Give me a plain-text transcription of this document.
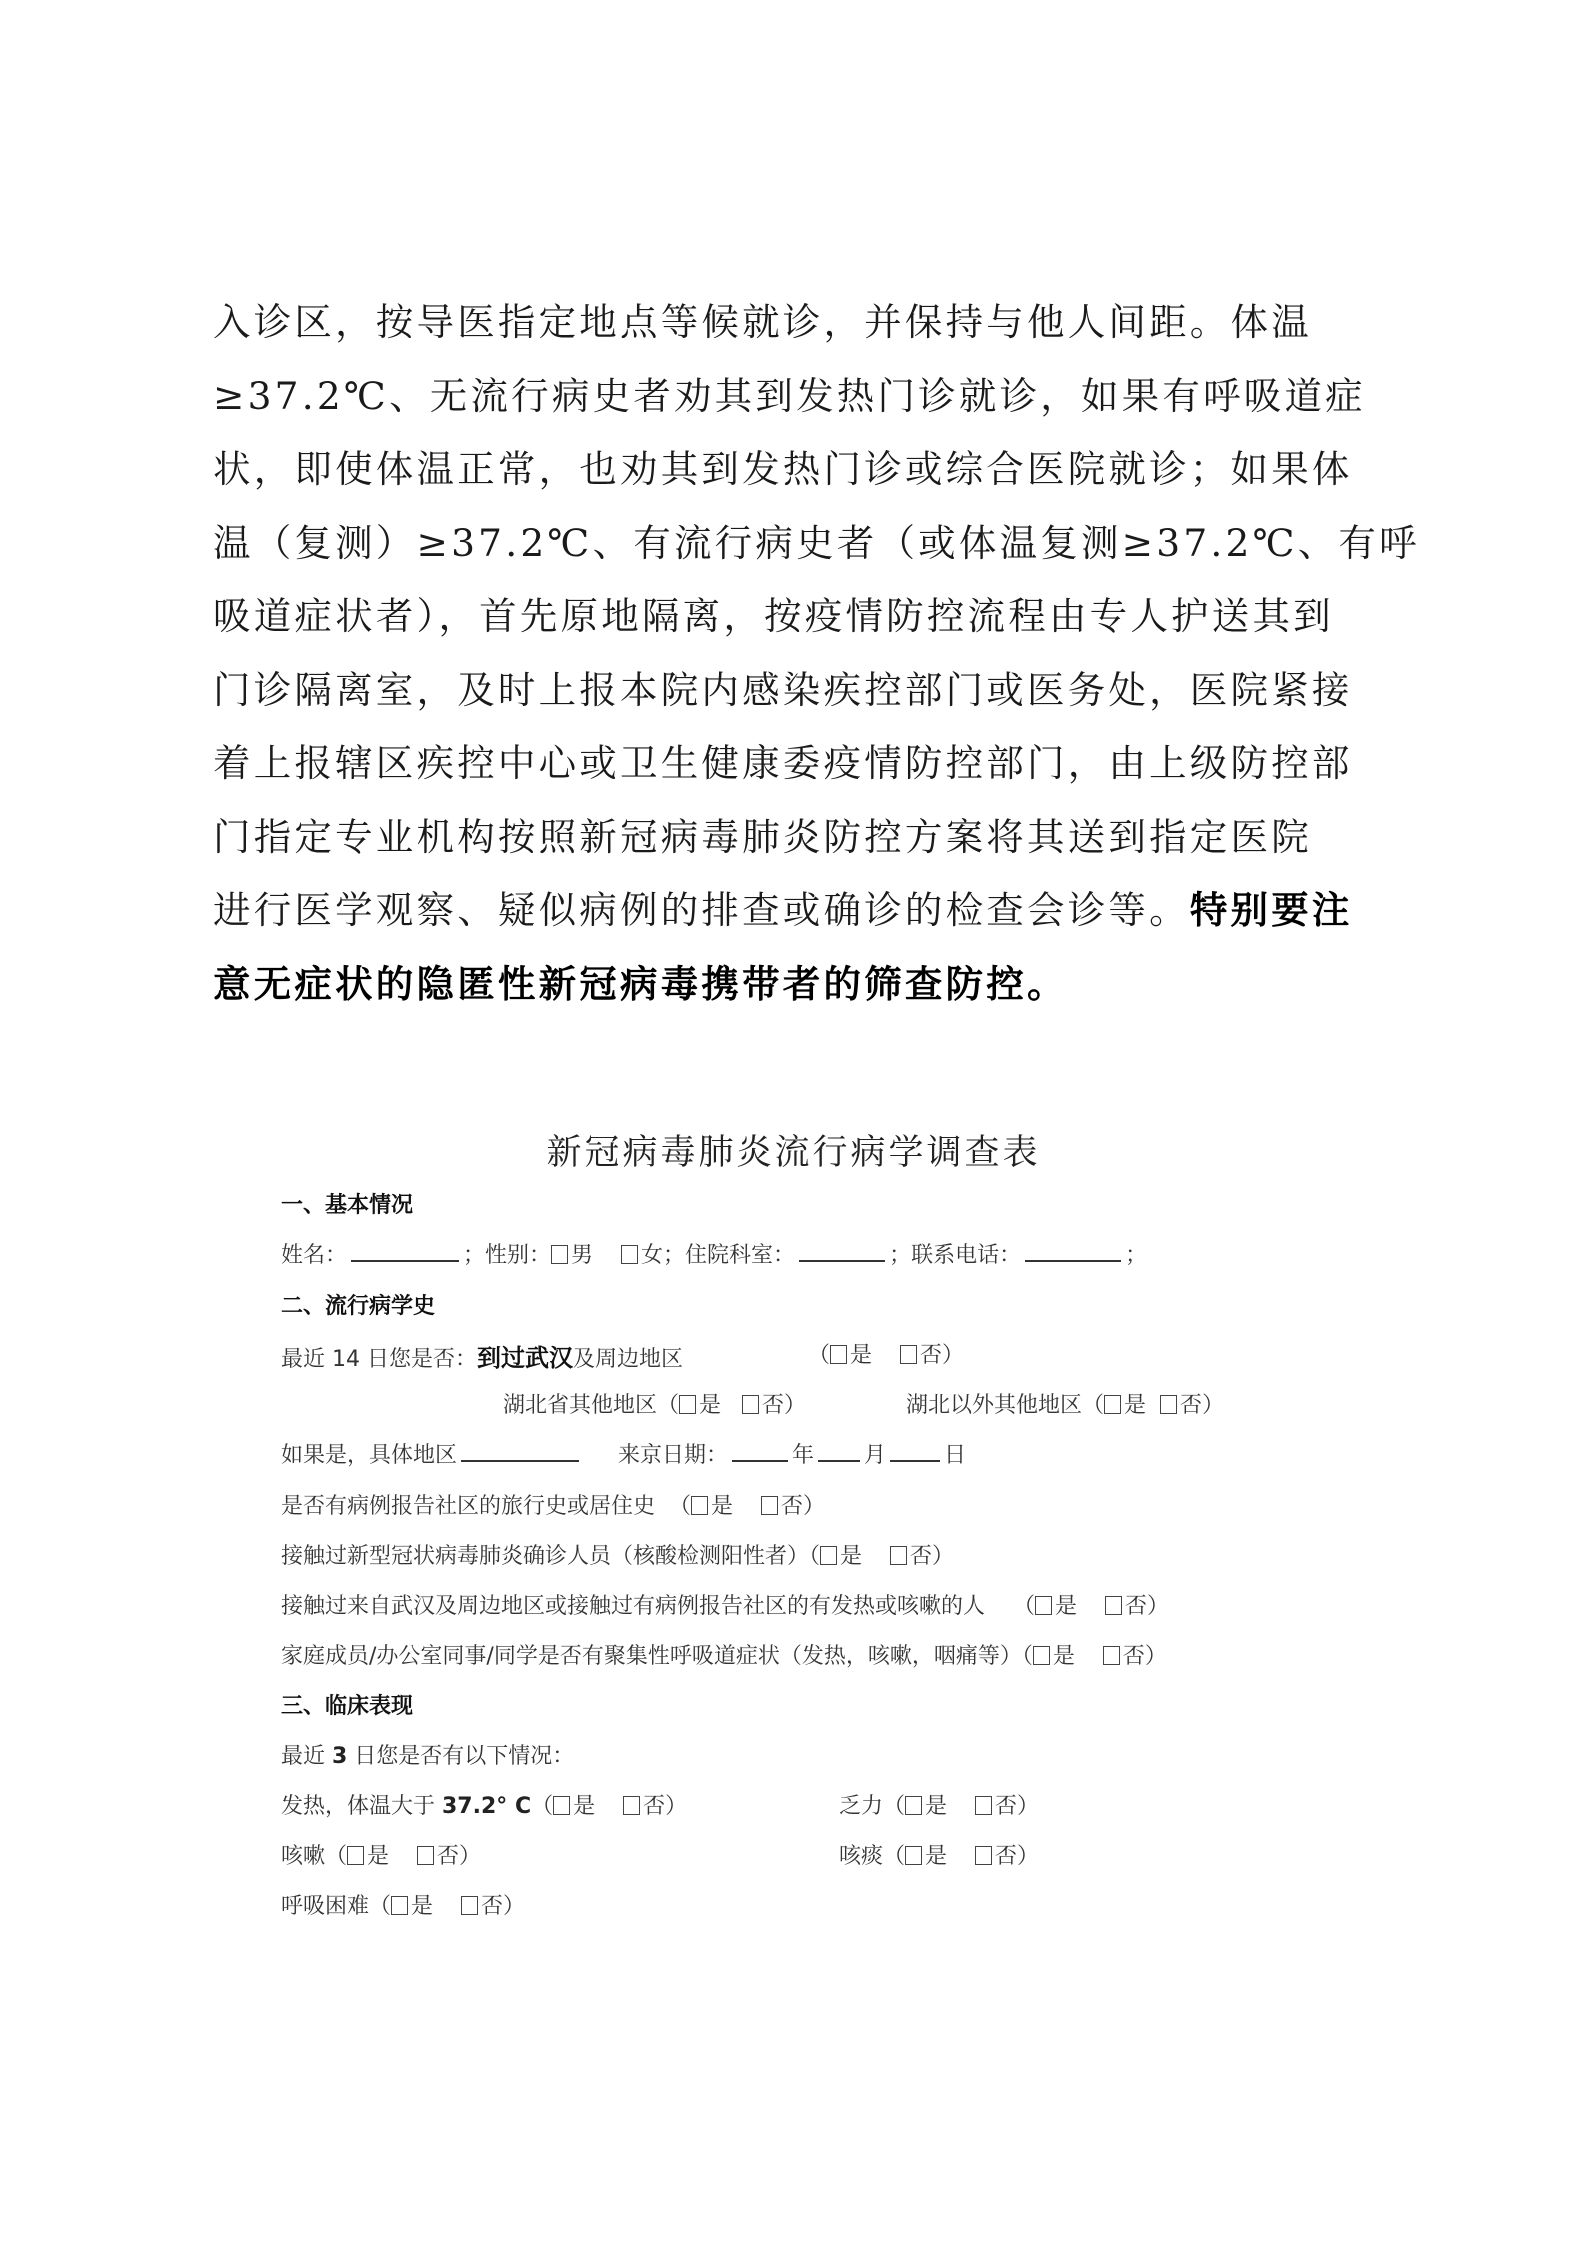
入诊区，按导医指定地点等候就诊，并保持与他人间距。体温
≥37.2℃、无流行病史者劝其到发热门诊就诊，如果有呼吸道症
状，即使体温正常，也劝其到发热门诊或综合医院就诊；如果体
温（复测）≥37.2℃、有流行病史者（或体温复测≥37.2℃、有呼
吸道症状者），首先原地隔离，按疫情防控流程由专人护送其到
门诊隔离室，及时上报本院内感染疾控部门或医务处，医院紧接
着上报辖区疾控中心或卫生健康委疫情防控部门，由上级防控部
门指定专业机构按照新冠病毒肺炎防控方案将其送到指定医院
进行医学观察、疑似病例的排查或确诊的检查会诊等。特别要注
意无症状的隐匿性新冠病毒携带者的筛查防控。
新冠病毒肺炎流行病学调查表
一、基本情况
姓名：	；性别： 男 女；住院科室：	；联系电话：	；
二、流行病学史
最近 14 日您是否：到过武汉及周边地区	（ 是 否）
湖北省其他地区（ 是 否）	湖北以外其他地区（ 是 否）
如果是，具体地区	来京日期：	年 月	日
是否有病例报告社区的旅行史或居住史  （ 是 否）
接触过新型冠状病毒肺炎确诊人员（核酸检测阳性者）（ 是 否）
接触过来自武汉及周边地区或接触过有病例报告社区的有发热或咳嗽的人    （ 是 否）
家庭成员/办公室同事/同学是否有聚集性呼吸道症状（发热，咳嗽，咽痛等）（ 是 否）
三、临床表现
最近 3 日您是否有以下情况：
发热，体温大于 37.2° C（ 是 否）	乏力（ 是 否）
咳嗽（ 是 否）	咳痰（ 是 否）
呼吸困难（ 是 否）
